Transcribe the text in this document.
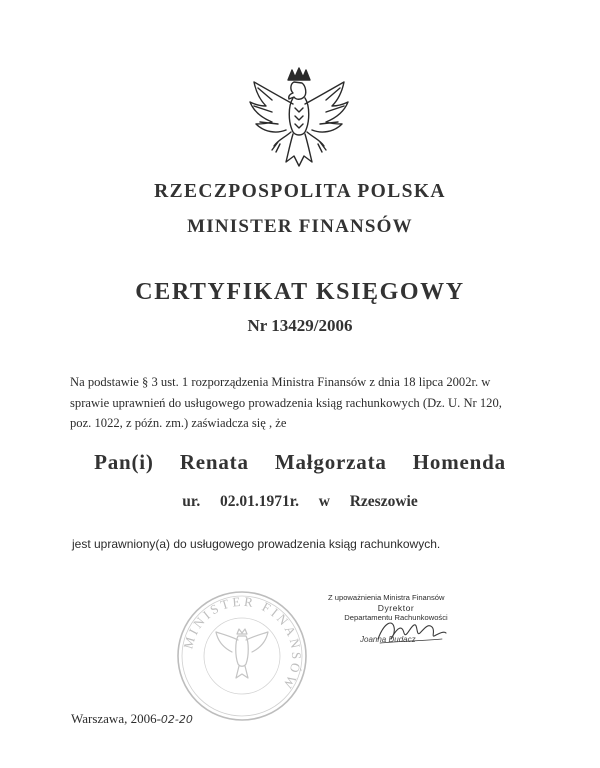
RZECZPOSPOLITA POLSKA
MINISTER FINANSÓW
CERTYFIKAT KSIĘGOWY
Nr 13429/2006
Na podstawie § 3 ust. 1 rozporządzenia Ministra Finansów z dnia 18 lipca 2002r. w
sprawie uprawnień do usługowego prowadzenia ksiąg rachunkowych (Dz. U. Nr 120,
poz. 1022, z późn. zm.) zaświadcza się , że
Pan(i)  Renata  Małgorzata  Homenda
ur.  02.01.1971r.  w  Rzeszowie
jest uprawniony(a) do usługowego prowadzenia ksiąg rachunkowych.
MINISTER FINANSÓW
Z upoważnienia Ministra Finansów
Dyrektor
Departamentu Rachunkowości
Joanna Dudacz
Warszawa, 2006-02-20
